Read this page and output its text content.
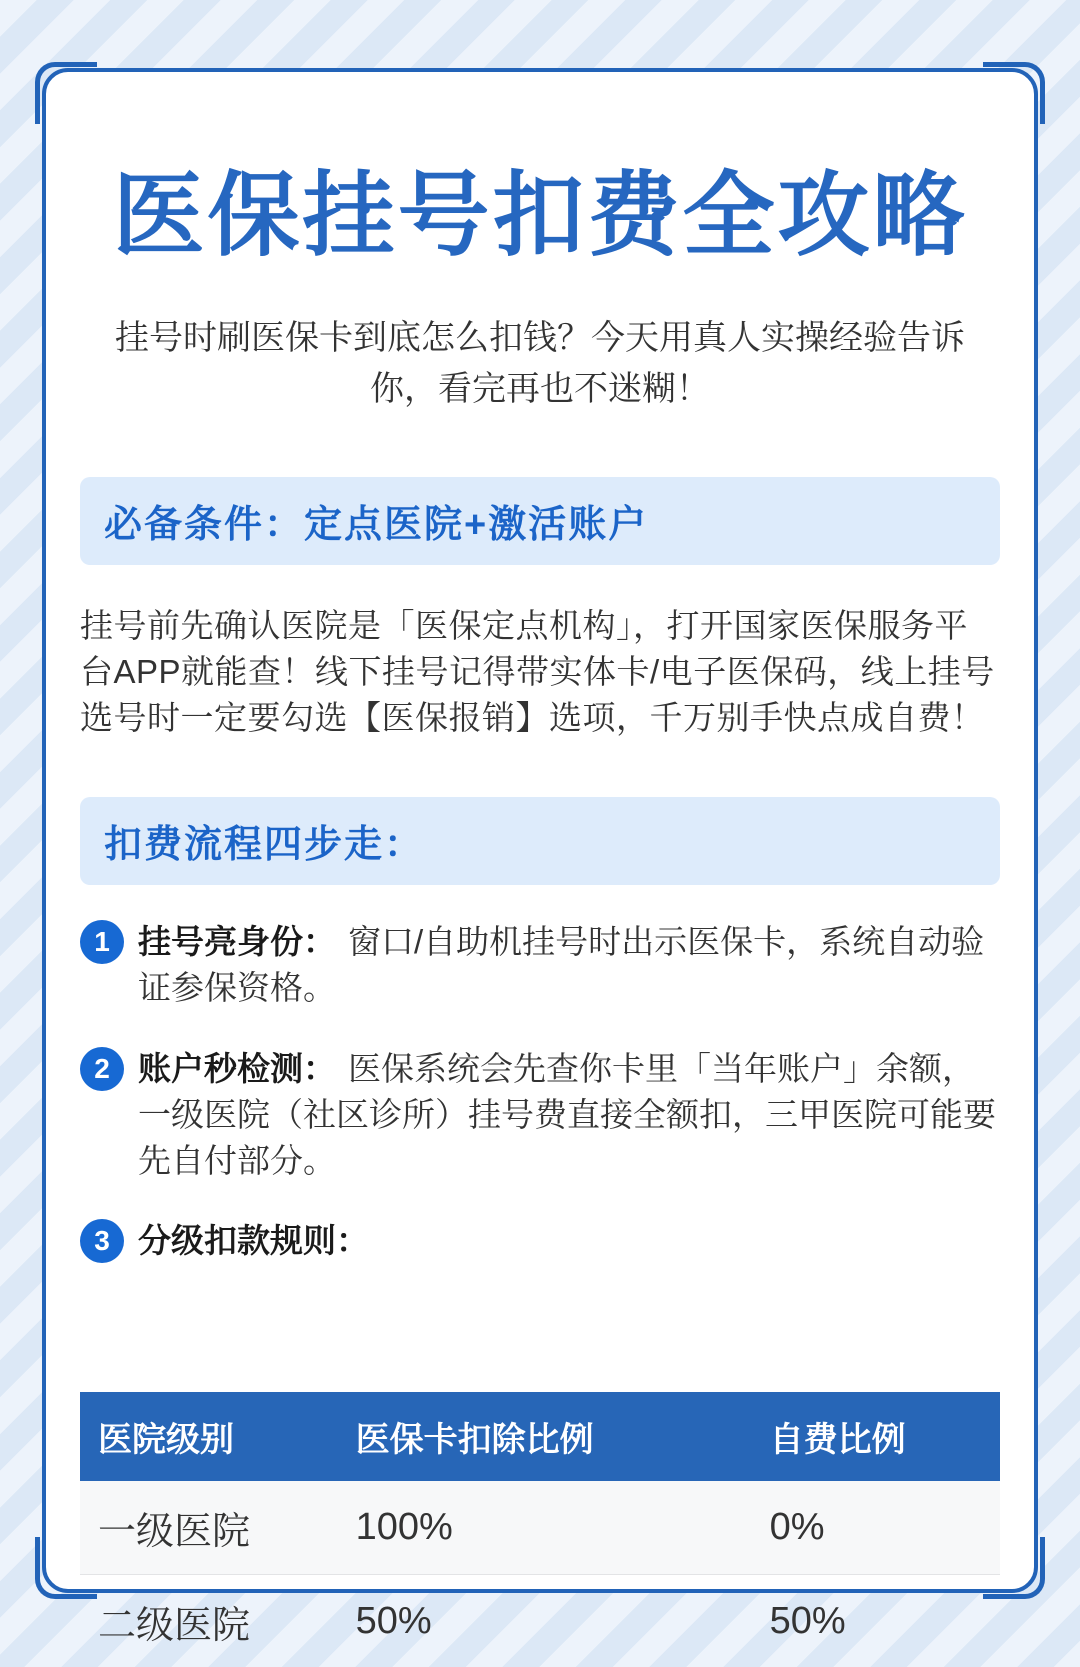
医保挂号扣费全攻略

挂号时刷医保卡到底怎么扣钱？今天用真人实操经验告诉你，看完再也不迷糊！

必备条件：定点医院+激活账户

挂号前先确认医院是「医保定点机构」，打开国家医保服务平台APP就能查！线下挂号记得带实体卡/电子医保码，线上挂号选号时一定要勾选【医保报销】选项，千万别手快点成自费！

扣费流程四步走：
1 挂号亮身份： 窗口/自助机挂号时出示医保卡，系统自动验证参保资格。

2 账户秒检测： 医保系统会先查你卡里「当年账户」余额，一级医院（社区诊所）挂号费直接全额扣，三甲医院可能要先自付部分。

3 分级扣款规则：

医院级别	医保卡扣除比例	自费比例
一级医院	100%	0%
二级医院	50%	50%
